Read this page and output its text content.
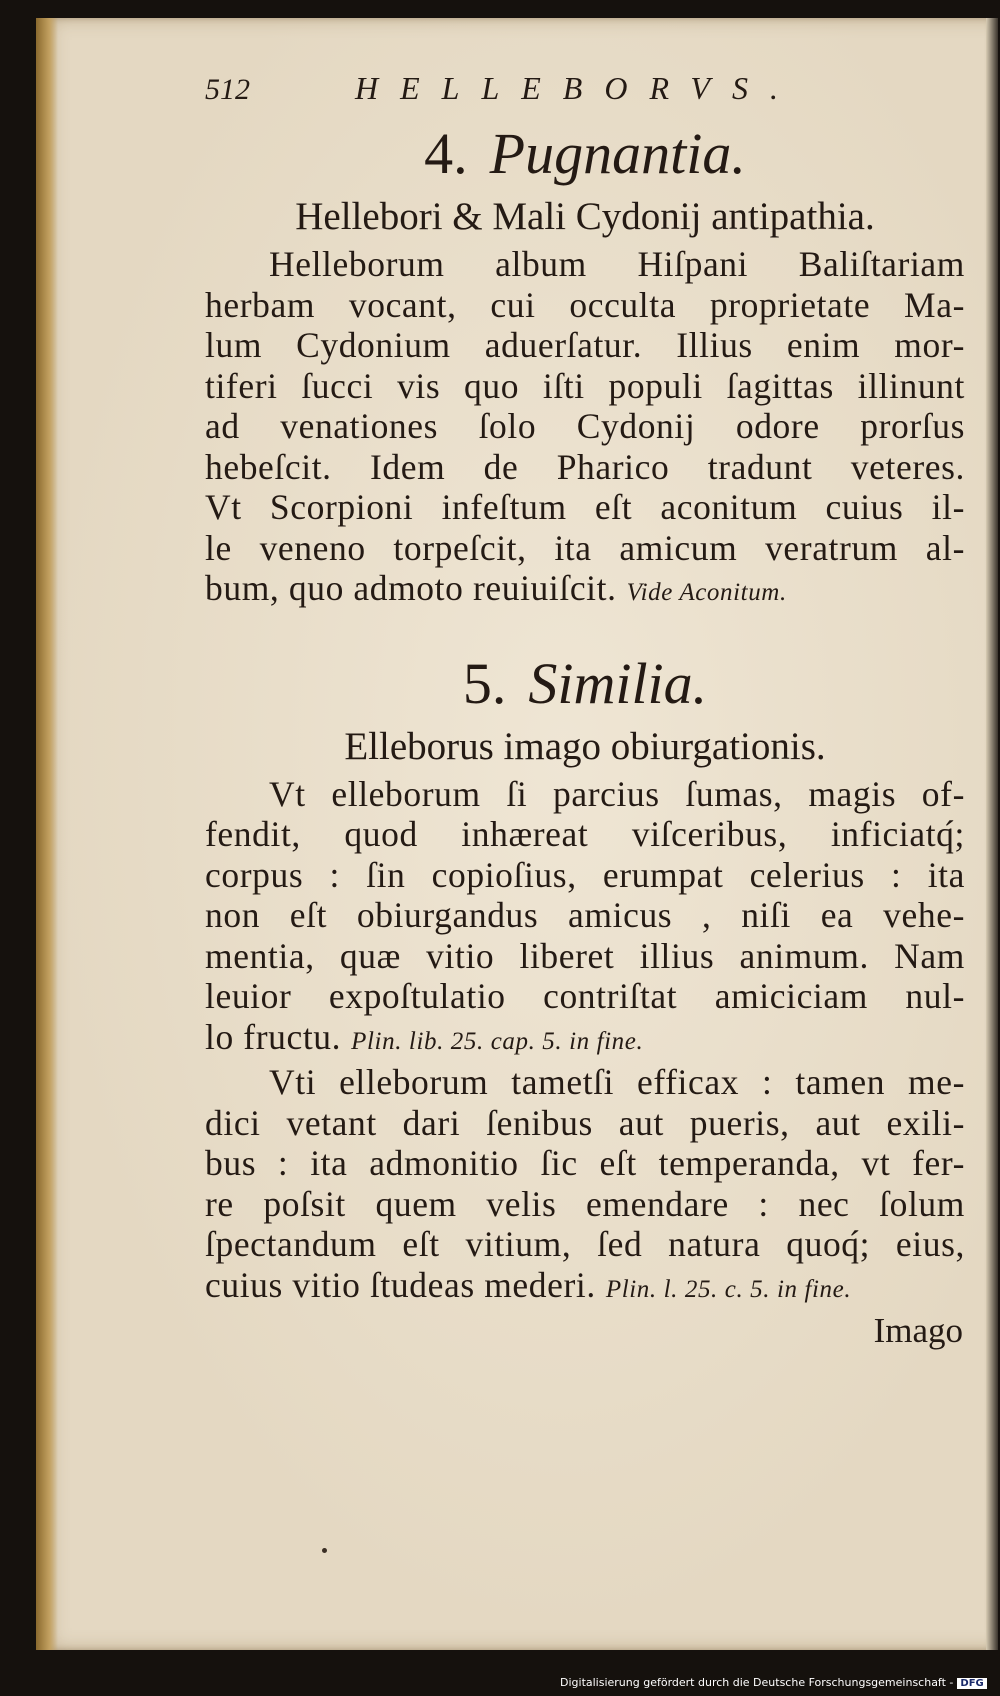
512	HELLEBORVS.
4. Pugnantia.
Hellebori & Mali Cydonij antipathia.
Helleborum album Hiſpani Baliſtariam
herbam vocant, cui occulta proprietate Ma-
lum Cydonium aduerſatur. Illius enim mor-
tiferi ſucci vis quo iſti populi ſagittas illinunt
ad venationes ſolo Cydonij odore prorſus
hebeſcit. Idem de Pharico tradunt veteres.
Vt Scorpioni infeſtum eſt aconitum cuius il-
le veneno torpeſcit, ita amicum veratrum al-
bum, quo admoto reuiuiſcit. Vide Aconitum.
5. Similia.
Elleborus imago obiurgationis.
Vt elleborum ſi parcius ſumas, magis of-
fendit, quod inhæreat viſceribus, inficiatq́;
corpus : ſin copioſius, erumpat celerius : ita
non eſt obiurgandus amicus , niſi ea vehe-
mentia, quæ vitio liberet illius animum. Nam
leuior expoſtulatio contriſtat amiciciam nul-
lo fructu. Plin. lib. 25. cap. 5. in fine.
Vti elleborum tametſi efficax : tamen me-
dici vetant dari ſenibus aut pueris, aut exili-
bus : ita admonitio ſic eſt temperanda, vt fer-
re poſsit quem velis emendare : nec ſolum
ſpectandum eſt vitium, ſed natura quoq́; eius,
cuius vitio ſtudeas mederi. Plin. l. 25. c. 5. in fine.
Imago
Digitalisierung gefördert durch die Deutsche Forschungsgemeinschaft - DFG
